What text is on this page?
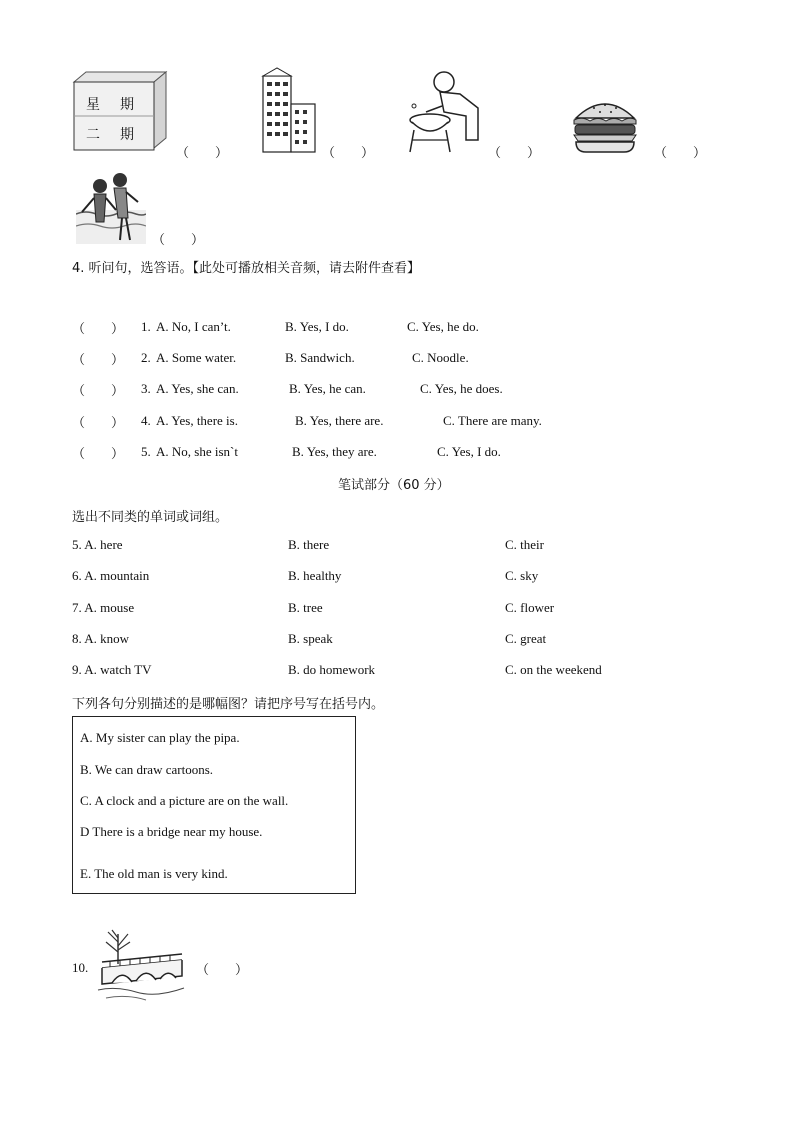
星 期
二 期
（　　）	（　　）	（　　）	（　　）
（　　）
4. 听问句，选答语。【此处可播放相关音频，请去附件查看】
（　　） 1. A. No, I can’t.	B. Yes, I do.	C. Yes, he do.
（　　） 2. A. Some water.	B. Sandwich.	C. Noodle.
（　　） 3. A. Yes, she can.	B. Yes, he can.	C. Yes, he does.
（　　） 4. A. Yes, there is.	B. Yes, there are.	C. There are many.
（　　） 5. A. No, she isn`t	B. Yes, they are.	C. Yes, I do.
笔试部分（60 分）
选出不同类的单词或词组。
5. A. here	B. there	C. their
6. A. mountain	B. healthy	C. sky
7. A. mouse	B. tree	C. flower
8. A. know	B. speak	C. great
9. A. watch TV	B. do homework	C. on the weekend
下列各句分别描述的是哪幅图？请把序号写在括号内。
A. My sister can play the pipa.
B. We can draw cartoons.
C. A clock and a picture are on the wall.
D There is a bridge near my house.
E. The old man is very kind.
10.	（　　）
